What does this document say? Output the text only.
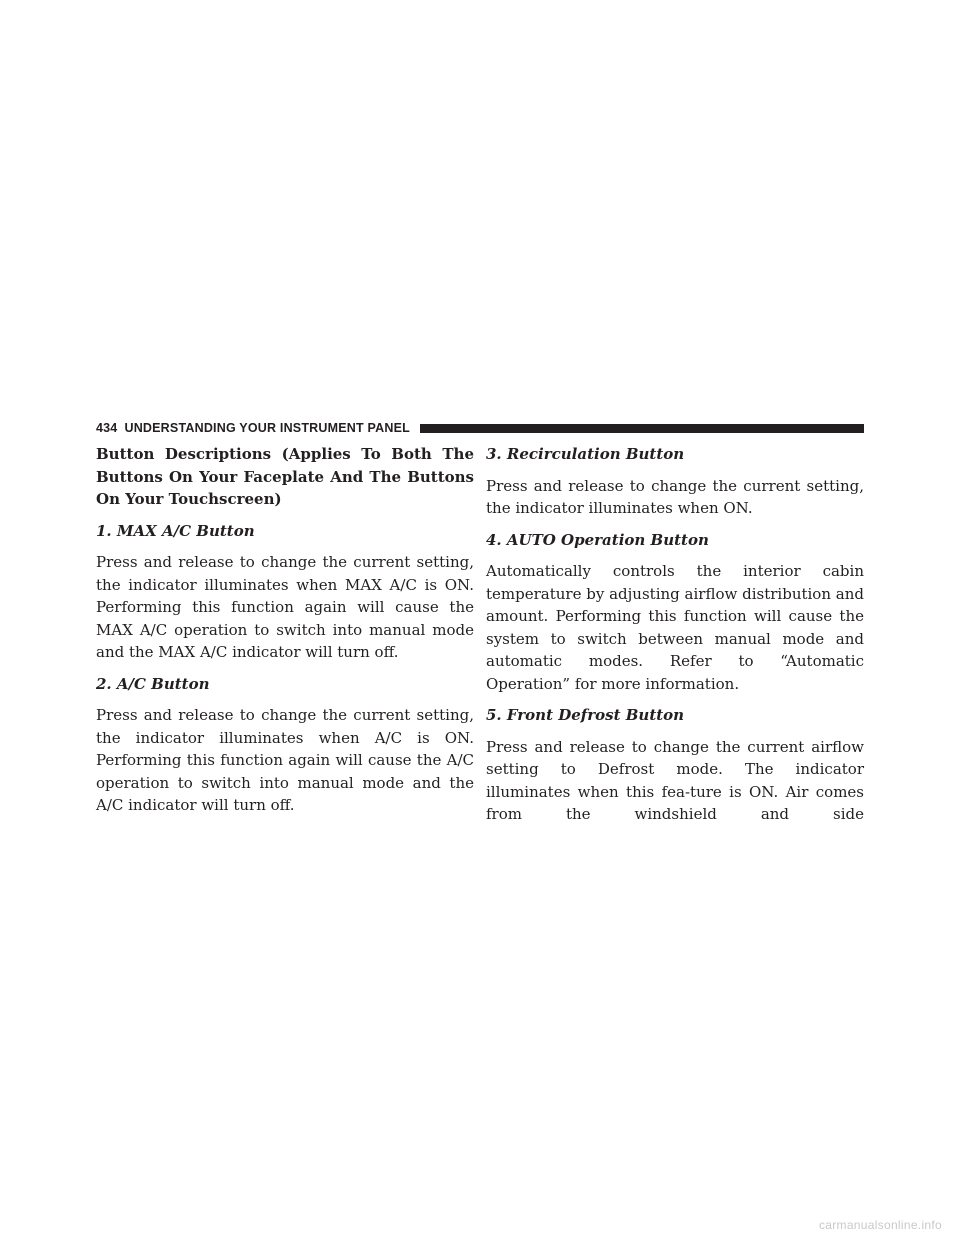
434 UNDERSTANDING YOUR INSTRUMENT PANEL

Button Descriptions (Applies To Both The Buttons On Your Faceplate And The Buttons On Your Touchscreen)

1. MAX A/C Button

Press and release to change the current setting, the indicator illuminates when MAX A/C is ON. Performing this function again will cause the MAX A/C operation to switch into manual mode and the MAX A/C indicator will turn off.

2. A/C Button

Press and release to change the current setting, the indicator illuminates when A/C is ON. Performing this function again will cause the A/C operation to switch into manual mode and the A/C indicator will turn off.

3. Recirculation Button

Press and release to change the current setting, the indicator illuminates when ON.

4. AUTO Operation Button

Automatically controls the interior cabin temperature by adjusting airflow distribution and amount. Performing this function will cause the system to switch between manual mode and automatic modes. Refer to “Automatic Operation” for more information.

5. Front Defrost Button

Press and release to change the current airflow setting to Defrost mode. The indicator illuminates when this fea-ture is ON. Air comes from the windshield and side

carmanualsonline.info
